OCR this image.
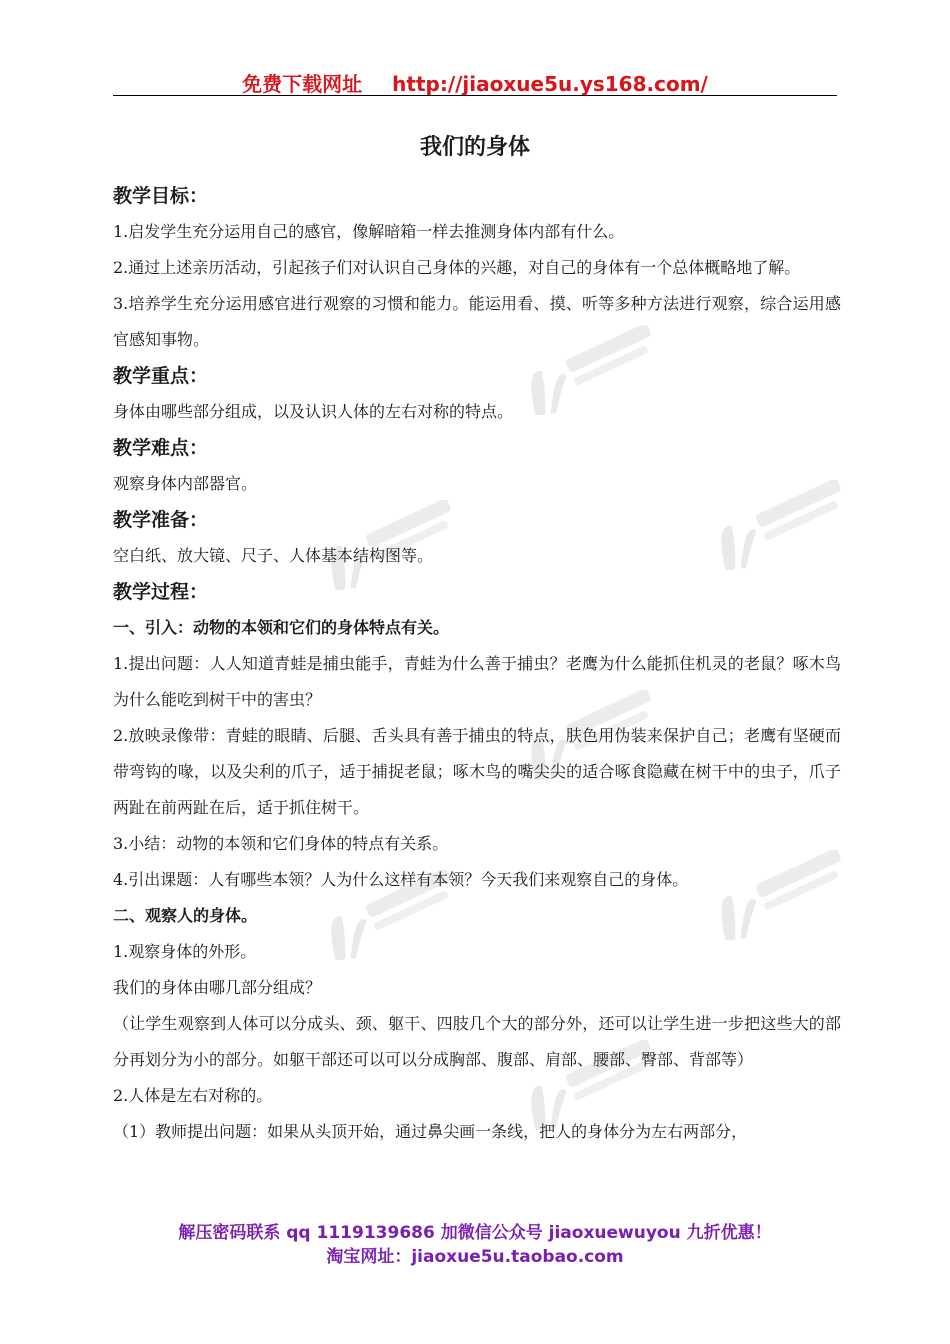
免费下载网址 http://jiaoxue5u.ys168.com/
我们的身体
教学目标：
1.启发学生充分运用自己的感官，像解暗箱一样去推测身体内部有什么。
2.通过上述亲历活动，引起孩子们对认识自己身体的兴趣，对自己的身体有一个总体概略地了解。
3.培养学生充分运用感官进行观察的习惯和能力。能运用看、摸、听等多种方法进行观察，综合运用感官感知事物。
教学重点：
身体由哪些部分组成，以及认识人体的左右对称的特点。
教学难点：
观察身体内部器官。
教学准备：
空白纸、放大镜、尺子、人体基本结构图等。
教学过程：
一、引入：动物的本领和它们的身体特点有关。
1.提出问题：人人知道青蛙是捕虫能手，青蛙为什么善于捕虫？老鹰为什么能抓住机灵的老鼠？啄木鸟为什么能吃到树干中的害虫？
2.放映录像带：青蛙的眼睛、后腿、舌头具有善于捕虫的特点，肤色用伪装来保护自己；老鹰有坚硬而带弯钩的喙，以及尖利的爪子，适于捕捉老鼠；啄木鸟的嘴尖尖的适合啄食隐藏在树干中的虫子，爪子两趾在前两趾在后，适于抓住树干。
3.小结：动物的本领和它们身体的特点有关系。
4.引出课题：人有哪些本领？人为什么这样有本领？今天我们来观察自己的身体。
二、观察人的身体。
1.观察身体的外形。
我们的身体由哪几部分组成？
（让学生观察到人体可以分成头、颈、躯干、四肢几个大的部分外，还可以让学生进一步把这些大的部分再划分为小的部分。如躯干部还可以可以分成胸部、腹部、肩部、腰部、臀部、背部等）
2.人体是左右对称的。
（1）教师提出问题：如果从头顶开始，通过鼻尖画一条线，把人的身体分为左右两部分，
解压密码联系 qq 1119139686 加微信公众号 jiaoxuewuyou 九折优惠！
淘宝网址：jiaoxue5u.taobao.com
